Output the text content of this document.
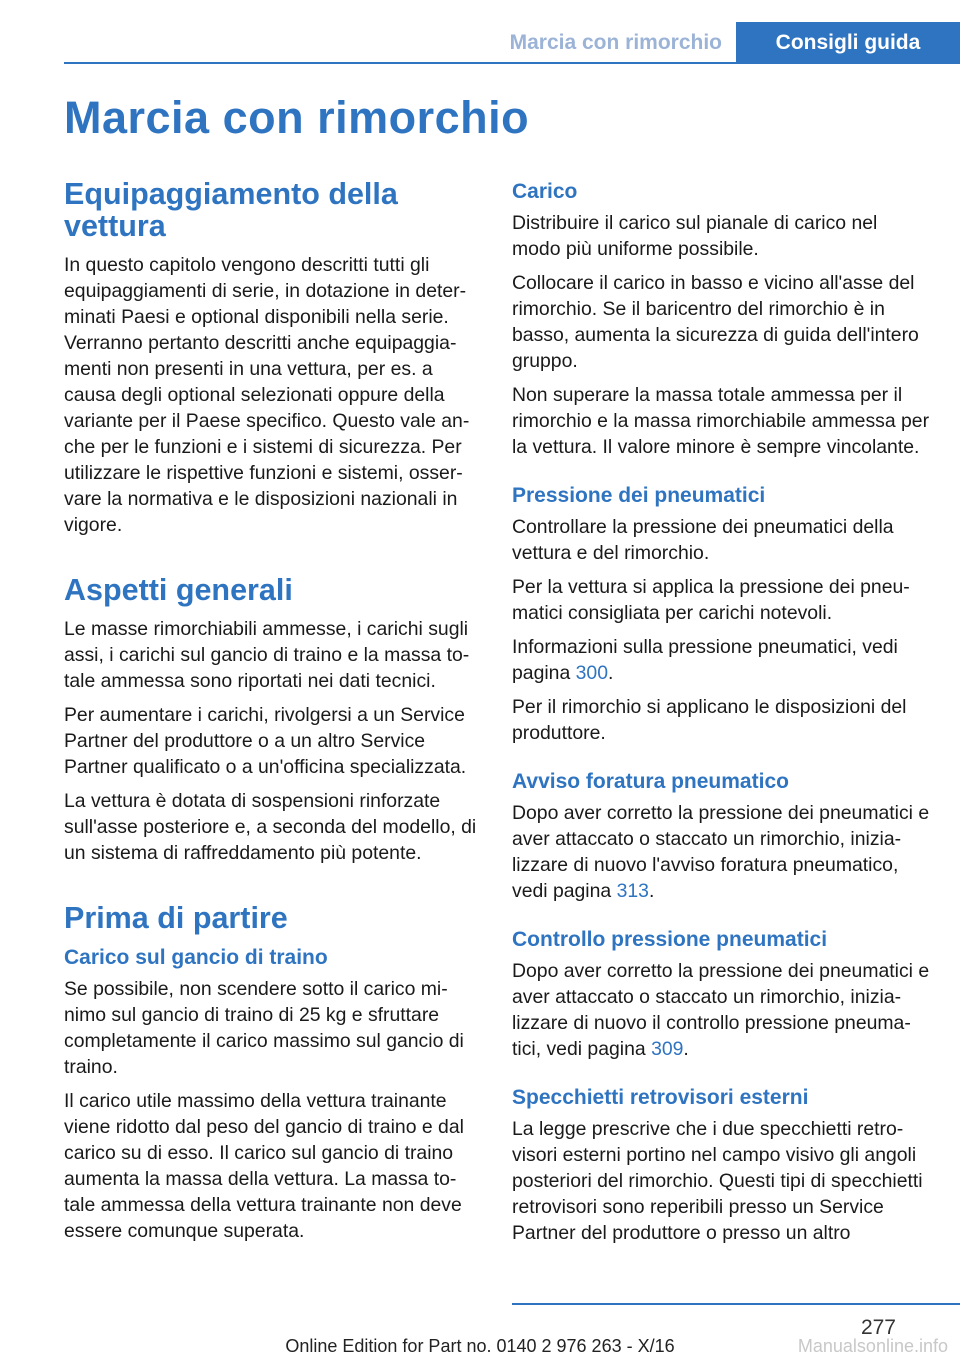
Marcia con rimorchio	Consigli guida
Marcia con rimorchio
Equipaggiamento della vettura

In questo capitolo vengono descritti tutti gli equipaggiamenti di serie, in dotazione in determinati Paesi e optional disponibili nella serie. Verranno pertanto descritti anche equipaggiamenti non presenti in una vettura, per es. a causa degli optional selezionati oppure della variante per il Paese specifico. Questo vale anche per le funzioni e i sistemi di sicurezza. Per utilizzare le rispettive funzioni e sistemi, osservare la normativa e le disposizioni nazionali in vigore.

Aspetti generali

Le masse rimorchiabili ammesse, i carichi sugli assi, i carichi sul gancio di traino e la massa totale ammessa sono riportati nei dati tecnici.

Per aumentare i carichi, rivolgersi a un Service Partner del produttore o a un altro Service Partner qualificato o a un'officina specializzata.

La vettura è dotata di sospensioni rinforzate sull'asse posteriore e, a seconda del modello, di un sistema di raffreddamento più potente.

Prima di partire
Carico sul gancio di traino

Se possibile, non scendere sotto il carico minimo sul gancio di traino di 25 kg e sfruttare completamente il carico massimo sul gancio di traino.

Il carico utile massimo della vettura trainante viene ridotto dal peso del gancio di traino e dal carico su di esso. Il carico sul gancio di traino aumenta la massa della vettura. La massa totale ammessa della vettura trainante non deve essere comunque superata.

Carico

Distribuire il carico sul pianale di carico nel modo più uniforme possibile.

Collocare il carico in basso e vicino all'asse del rimorchio. Se il baricentro del rimorchio è in basso, aumenta la sicurezza di guida dell'intero gruppo.

Non superare la massa totale ammessa per il rimorchio e la massa rimorchiabile ammessa per la vettura. Il valore minore è sempre vincolante.

Pressione dei pneumatici

Controllare la pressione dei pneumatici della vettura e del rimorchio.

Per la vettura si applica la pressione dei pneumatici consigliata per carichi notevoli.

Informazioni sulla pressione pneumatici, vedi pagina 300.

Per il rimorchio si applicano le disposizioni del produttore.

Avviso foratura pneumatico

Dopo aver corretto la pressione dei pneumatici e aver attaccato o staccato un rimorchio, inizializzare di nuovo l'avviso foratura pneumatico, vedi pagina 313.

Controllo pressione pneumatici

Dopo aver corretto la pressione dei pneumatici e aver attaccato o staccato un rimorchio, inizializzare di nuovo il controllo pressione pneumatici, vedi pagina 309.

Specchietti retrovisori esterni

La legge prescrive che i due specchietti retrovisori esterni portino nel campo visivo gli angoli posteriori del rimorchio. Questi tipi di specchietti retrovisori sono reperibili presso un Service Partner del produttore o presso un altro

277
Online Edition for Part no. 0140 2 976 263 - X/16	Manualsonline.info
